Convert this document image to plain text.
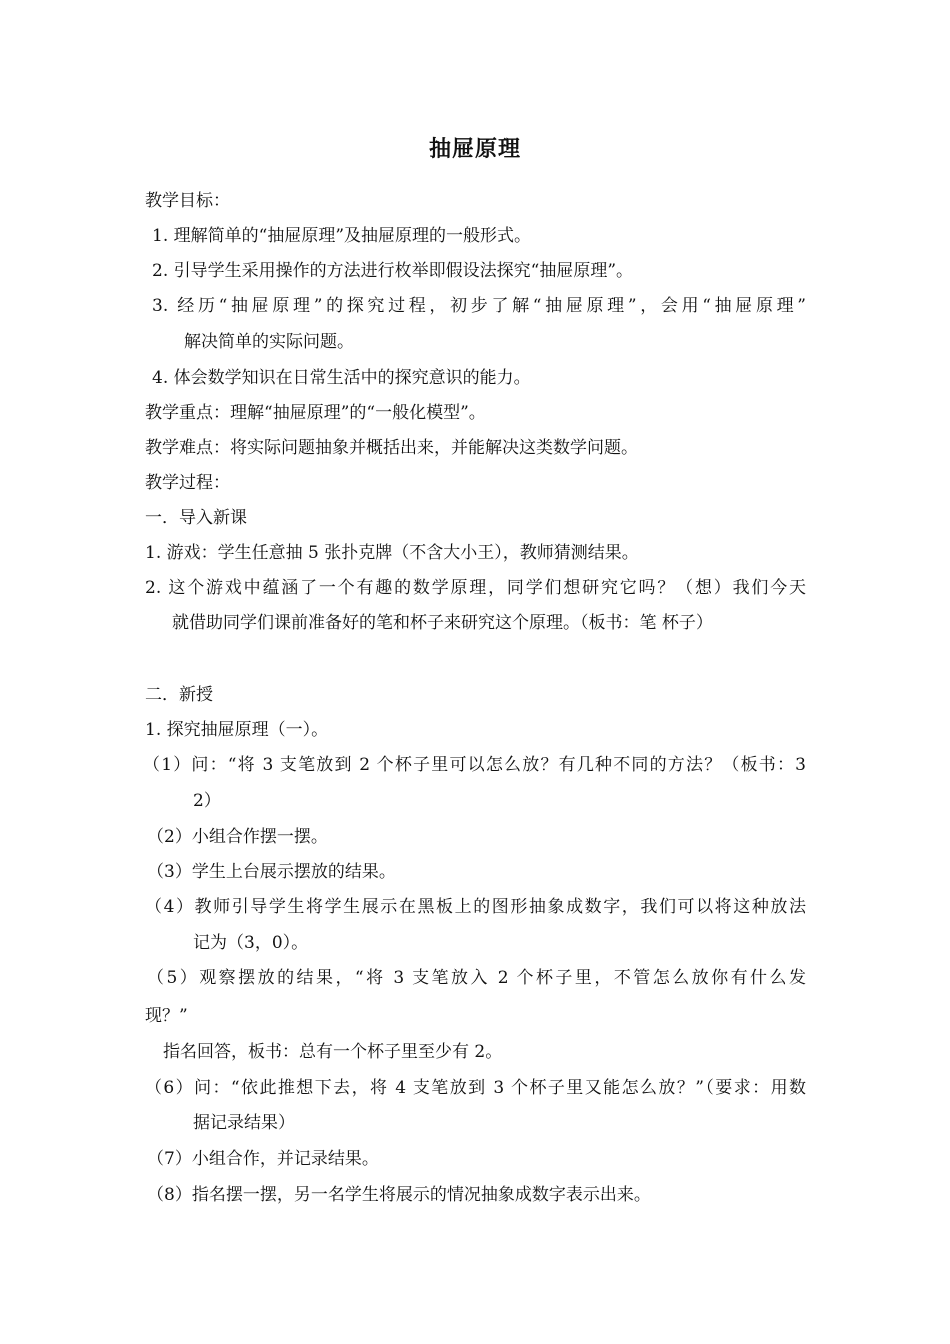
抽屉原理
教学目标：
1. 理解简单的“抽屉原理”及抽屉原理的一般形式。
2. 引导学生采用操作的方法进行枚举即假设法探究“抽屉原理”。
3. 经历“抽屉原理”的探究过程，初步了解“抽屉原理”，会用“抽屉原理”
解决简单的实际问题。
4. 体会数学知识在日常生活中的探究意识的能力。
教学重点：理解“抽屉原理”的“一般化模型”。
教学难点：将实际问题抽象并概括出来，并能解决这类数学问题。
教学过程：
一．导入新课
1. 游戏：学生任意抽 5 张扑克牌（不含大小王），教师猜测结果。
2. 这个游戏中蕴涵了一个有趣的数学原理，同学们想研究它吗？（想）我们今天
就借助同学们课前准备好的笔和杯子来研究这个原理。（板书：笔 杯子）
二．新授
1. 探究抽屉原理（一）。
（1）问：“将 3 支笔放到 2 个杯子里可以怎么放？有几种不同的方法？（板书：3
2）
（2）小组合作摆一摆。
（3）学生上台展示摆放的结果。
（4）教师引导学生将学生展示在黑板上的图形抽象成数字，我们可以将这种放法
记为（3，0）。
（5）观察摆放的结果，“将 3 支笔放入 2 个杯子里，不管怎么放你有什么发
现？”
指名回答，板书：总有一个杯子里至少有 2。
（6）问：“依此推想下去，将 4 支笔放到 3 个杯子里又能怎么放？”（要求：用数
据记录结果）
（7）小组合作，并记录结果。
（8）指名摆一摆，另一名学生将展示的情况抽象成数字表示出来。
